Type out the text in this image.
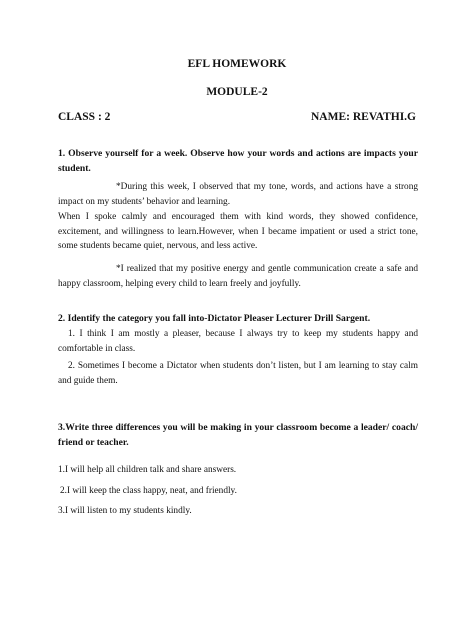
EFL HOMEWORK
MODULE-2
CLASS : 2	NAME: REVATHI.G
1. Observe yourself for a week. Observe how your words and actions are impacts your student.
*During this week, I observed that my tone, words, and actions have a strong impact on my students’ behavior and learning.
When I spoke calmly and encouraged them with kind words, they showed confidence, excitement, and willingness to learn.However, when I became impatient or used a strict tone, some students became quiet, nervous, and less active.
*I realized that my positive energy and gentle communication create a safe and happy classroom, helping every child to learn freely and joyfully.
2. Identify the category you fall into-Dictator Pleaser Lecturer Drill Sargent.
1. I think I am mostly a pleaser, because I always try to keep my students happy and comfortable in class.
2. Sometimes I become a Dictator when students don’t listen, but I am learning to stay calm and guide them.
3.Write three differences you will be making in your classroom become a leader/ coach/ friend or teacher.
1.I will help all children talk and share answers.
2.I will keep the class happy, neat, and friendly.
3.I will listen to my students kindly.
